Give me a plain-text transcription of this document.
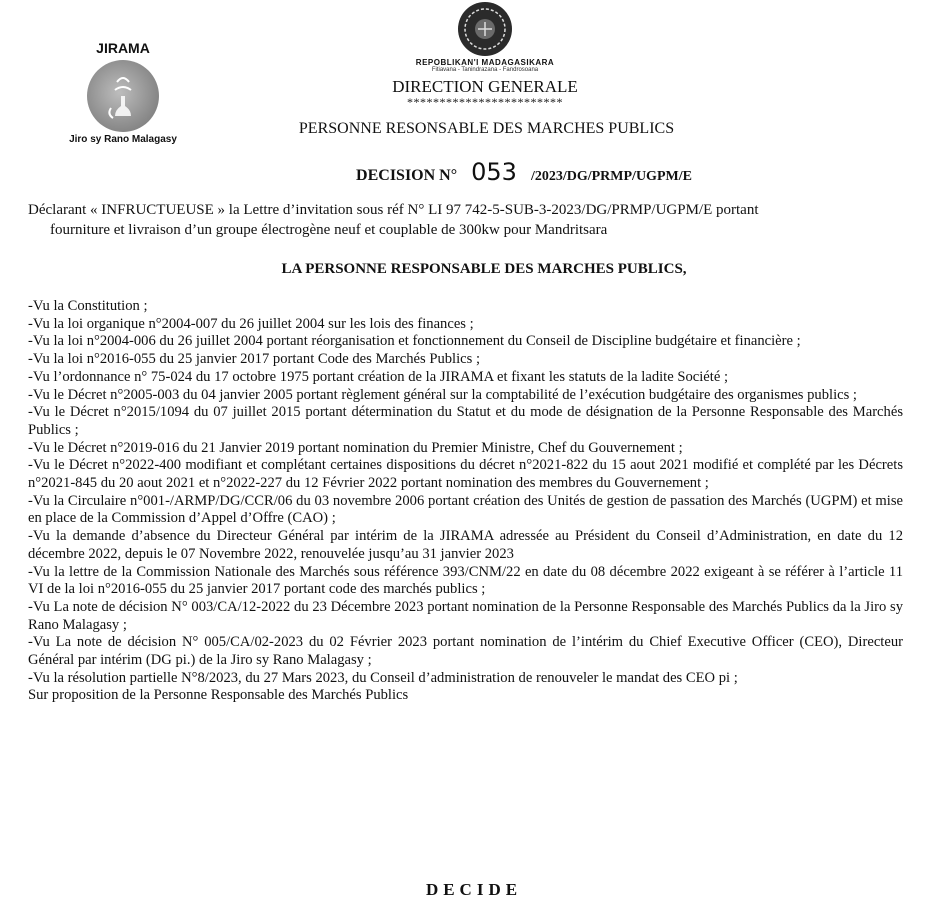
JIRAMA
Jiro sy Rano Malagasy
REPOBLIKAN'I MADAGASIKARA
Fitiavana - Tanindrazana - Fandrosoana
DIRECTION GENERALE
************************
PERSONNE RESONSABLE DES MARCHES PUBLICS
DECISION N° 053 /2023/DG/PRMP/UGPM/E
Déclarant « INFRUCTUEUSE » la Lettre d’invitation sous réf N° LI 97 742-5-SUB-3-2023/DG/PRMP/UGPM/E portant
fourniture et livraison d’un groupe électrogène neuf et couplable de 300kw pour Mandritsara
LA PERSONNE RESPONSABLE DES MARCHES PUBLICS,
-Vu la Constitution ;
-Vu la loi organique n°2004-007 du 26 juillet 2004 sur les lois des finances ;
-Vu la loi n°2004-006 du 26 juillet 2004 portant réorganisation et fonctionnement du Conseil de Discipline budgétaire et financière ;
-Vu la loi n°2016-055 du 25 janvier 2017 portant Code des Marchés Publics ;
-Vu l’ordonnance n° 75-024 du 17 octobre 1975 portant création de la JIRAMA et fixant les statuts de la ladite Société ;
-Vu le Décret n°2005-003 du 04 janvier 2005 portant règlement général sur la comptabilité de l’exécution budgétaire des organismes publics ;
-Vu le Décret n°2015/1094 du 07 juillet 2015 portant détermination du Statut et du mode de désignation de la Personne Responsable des Marchés Publics ;
-Vu le Décret n°2019-016 du 21 Janvier 2019 portant nomination du Premier Ministre, Chef du Gouvernement ;
-Vu le Décret n°2022-400 modifiant et complétant certaines dispositions du décret n°2021-822 du 15 aout 2021 modifié et complété par les Décrets n°2021-845 du 20 aout 2021 et n°2022-227 du 12 Février 2022 portant nomination des membres du Gouvernement ;
-Vu la Circulaire n°001-/ARMP/DG/CCR/06 du 03 novembre 2006 portant création des Unités de gestion de passation des Marchés (UGPM) et mise en place de la Commission d’Appel d’Offre (CAO) ;
-Vu la demande d’absence du Directeur Général par intérim de la JIRAMA adressée au Président du Conseil d’Administration, en date du 12 décembre 2022, depuis le 07 Novembre 2022, renouvelée jusqu’au 31 janvier 2023
-Vu la lettre de la Commission Nationale des Marchés sous référence 393/CNM/22 en date du 08 décembre 2022 exigeant à se référer à l’article 11 VI de la loi n°2016-055 du 25 janvier 2017 portant code des marchés publics ;
-Vu La note de décision N° 003/CA/12-2022 du 23 Décembre 2023 portant nomination de la Personne Responsable des Marchés Publics da la Jiro sy Rano Malagasy ;
-Vu La note de décision N° 005/CA/02-2023 du 02 Février 2023 portant nomination de l’intérim du Chief Executive Officer (CEO), Directeur Général par intérim (DG pi.) de la Jiro sy Rano Malagasy ;
-Vu la résolution partielle N°8/2023, du 27 Mars 2023, du Conseil d’administration de renouveler le mandat des CEO pi ;
Sur proposition de la Personne Responsable des Marchés Publics
DECIDE
